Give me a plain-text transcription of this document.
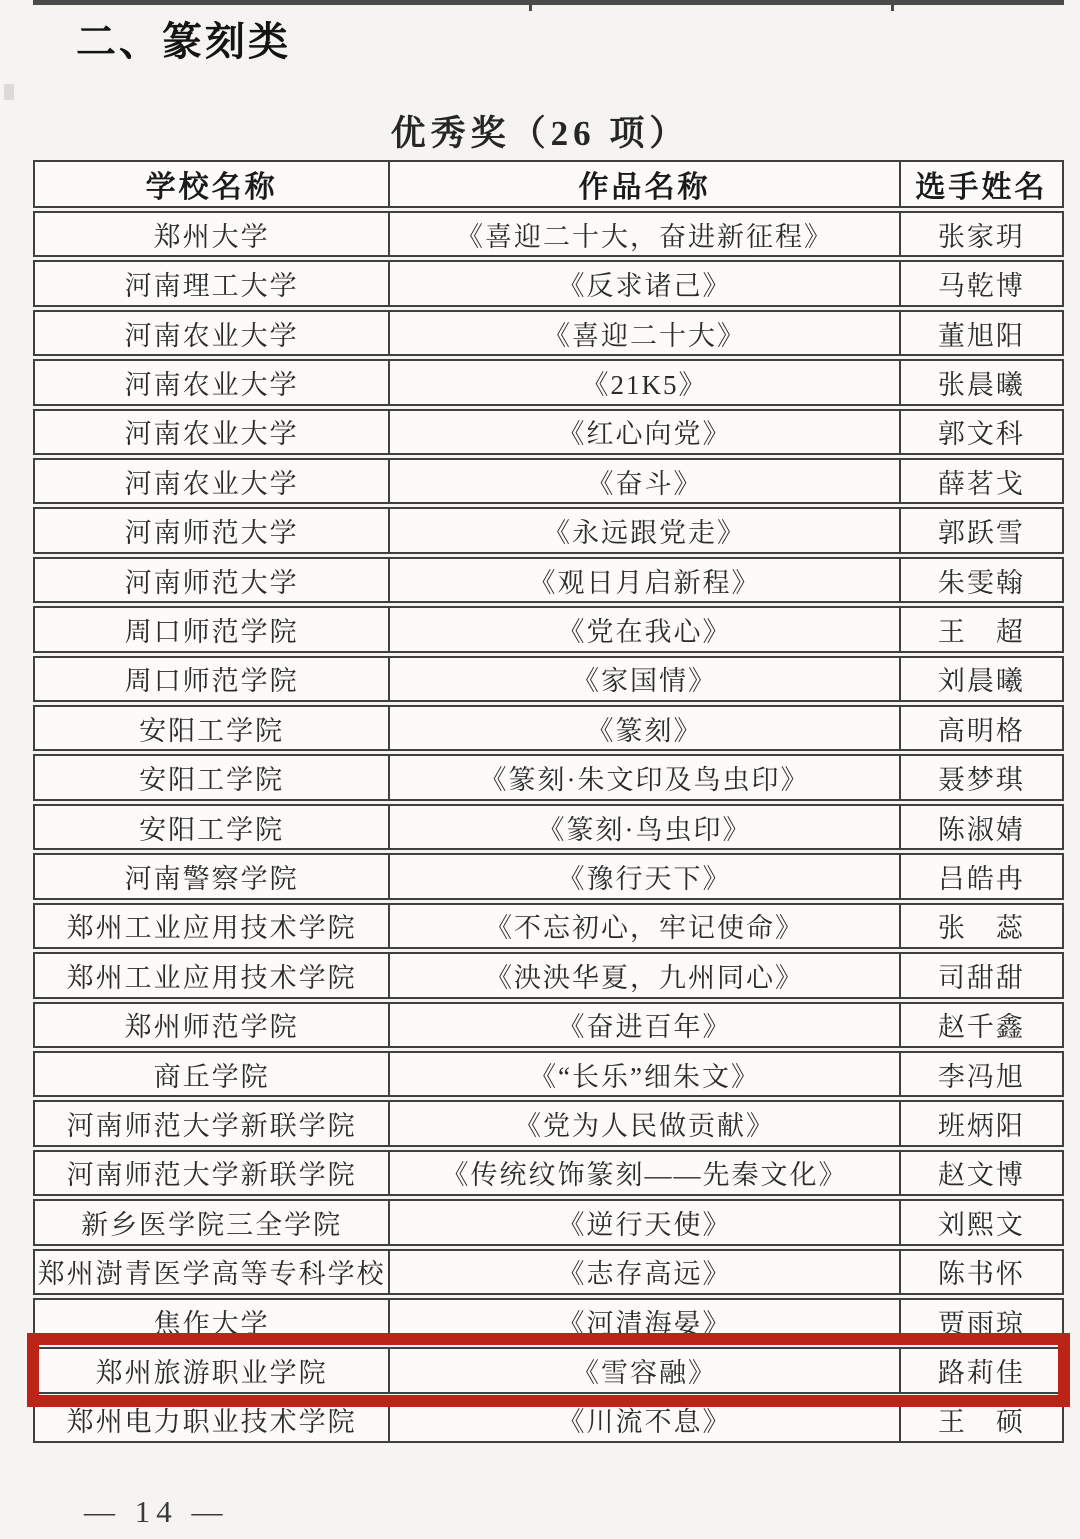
二、篆刻类
优秀奖（26 项）
学校名称	作品名称	选手姓名
郑州大学	《喜迎二十大，奋进新征程》	张家玥
河南理工大学	《反求诸己》	马乾博
河南农业大学	《喜迎二十大》	董旭阳
河南农业大学	《21K5》	张晨曦
河南农业大学	《红心向党》	郭文科
河南农业大学	《奋斗》	薛茗戈
河南师范大学	《永远跟党走》	郭跃雪
河南师范大学	《观日月启新程》	朱雯翰
周口师范学院	《党在我心》	王　超
周口师范学院	《家国情》	刘晨曦
安阳工学院	《篆刻》	高明格
安阳工学院	《篆刻·朱文印及鸟虫印》	聂梦琪
安阳工学院	《篆刻·鸟虫印》	陈淑婧
河南警察学院	《豫行天下》	吕皓冉
郑州工业应用技术学院	《不忘初心，牢记使命》	张　蕊
郑州工业应用技术学院	《泱泱华夏，九州同心》	司甜甜
郑州师范学院	《奋进百年》	赵千鑫
商丘学院	《“长乐”细朱文》	李冯旭
河南师范大学新联学院	《党为人民做贡献》	班炳阳
河南师范大学新联学院	《传统纹饰篆刻——先秦文化》	赵文博
新乡医学院三全学院	《逆行天使》	刘熙文
郑州澍青医学高等专科学校	《志存高远》	陈书怀
焦作大学	《河清海晏》	贾雨琼
郑州旅游职业学院	《雪容融》	路莉佳
郑州电力职业技术学院	《川流不息》	王　硕
— 14 —
